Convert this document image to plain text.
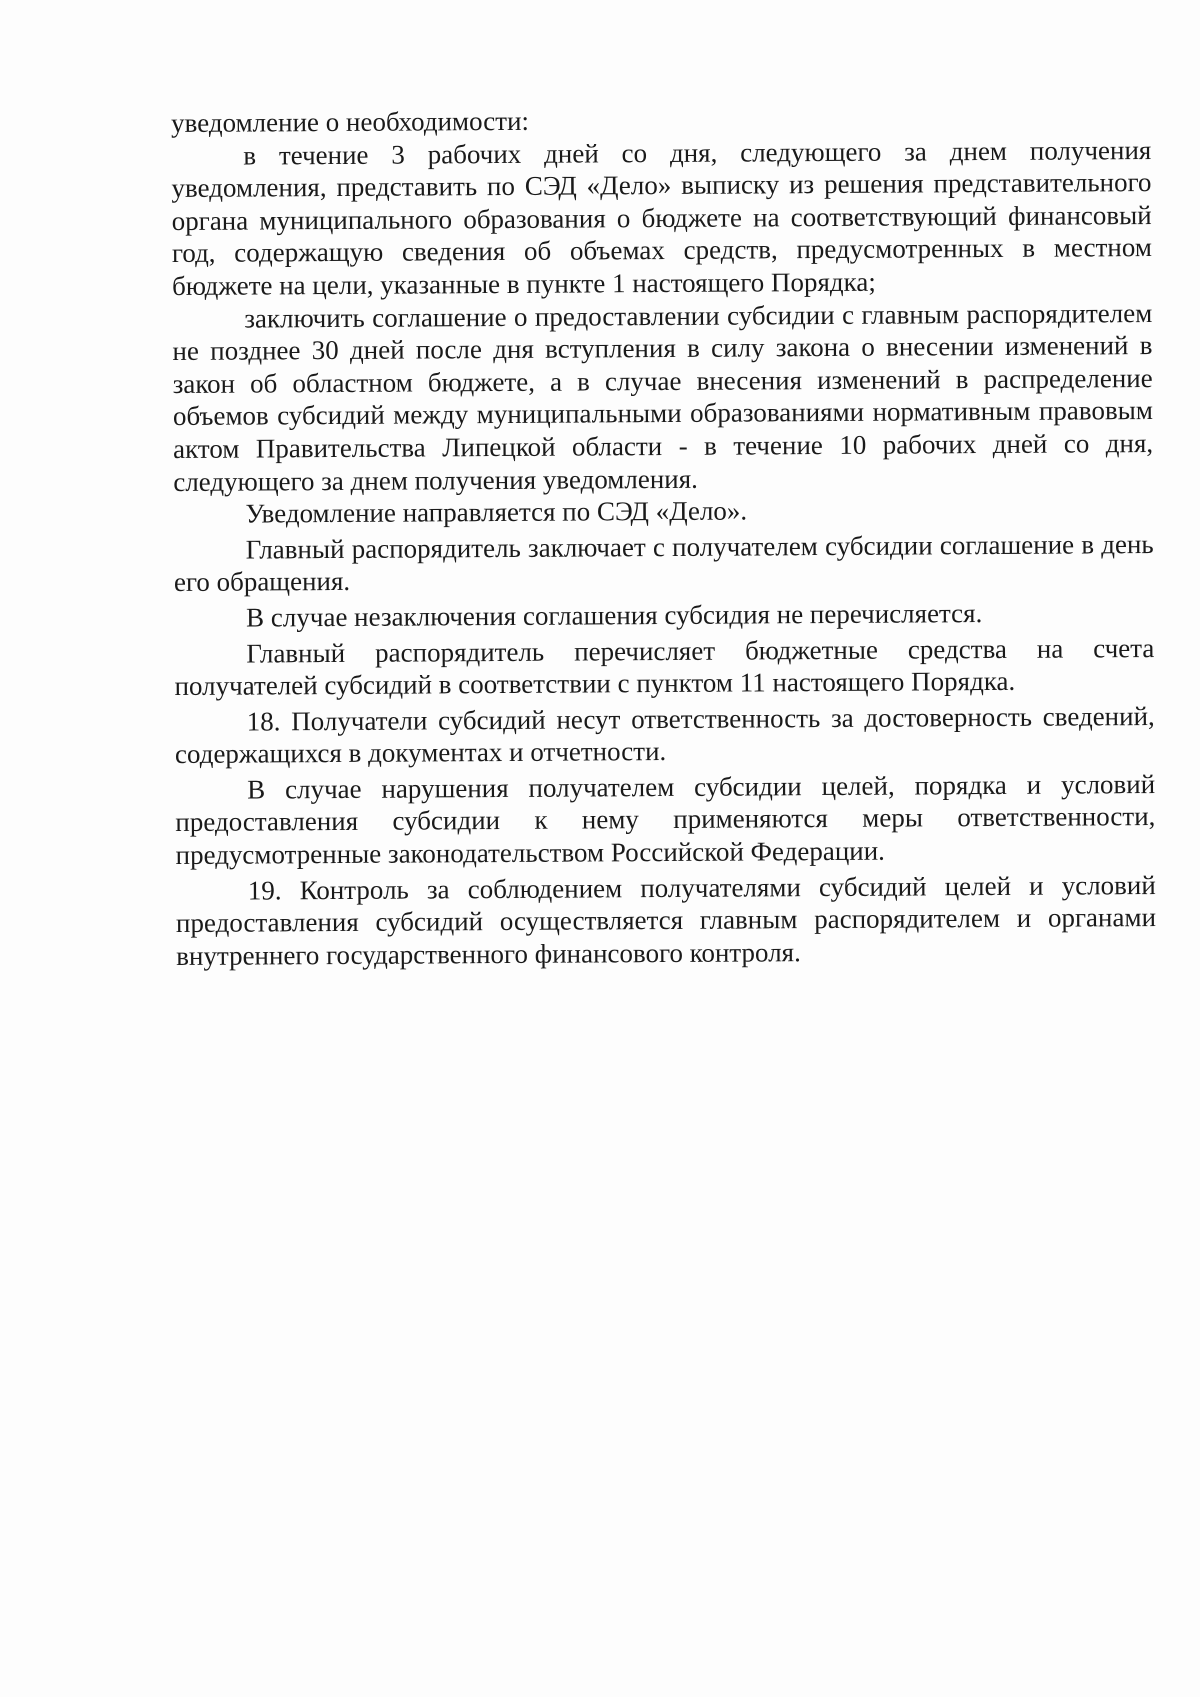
уведомление о необходимости:

в течение 3 рабочих дней со дня, следующего за днем получения уведомления, представить по СЭД «Дело» выписку из решения представительного органа муниципального образования о бюджете на соответствующий финансовый год, содержащую сведения об объемах средств, предусмотренных в местном бюджете на цели, указанные в пункте 1 настоящего Порядка;

заключить соглашение о предоставлении субсидии с главным распорядителем не позднее 30 дней после дня вступления в силу закона о внесении изменений в закон об областном бюджете, а в случае внесения изменений в распределение объемов субсидий между муниципальными образованиями нормативным правовым актом Правительства Липецкой области - в течение 10 рабочих дней со дня, следующего за днем получения уведомления.

Уведомление направляется по СЭД «Дело».

Главный распорядитель заключает с получателем субсидии соглашение в день его обращения.

В случае незаключения соглашения субсидия не перечисляется.

Главный распорядитель перечисляет бюджетные средства на счета получателей субсидий в соответствии с пунктом 11 настоящего Порядка.

18. Получатели субсидий несут ответственность за достоверность сведений, содержащихся в документах и отчетности.

В случае нарушения получателем субсидии целей, порядка и условий предоставления субсидии к нему применяются меры ответственности, предусмотренные законодательством Российской Федерации.

19. Контроль за соблюдением получателями субсидий целей и условий предоставления субсидий осуществляется главным распорядителем и органами внутреннего государственного финансового контроля.
